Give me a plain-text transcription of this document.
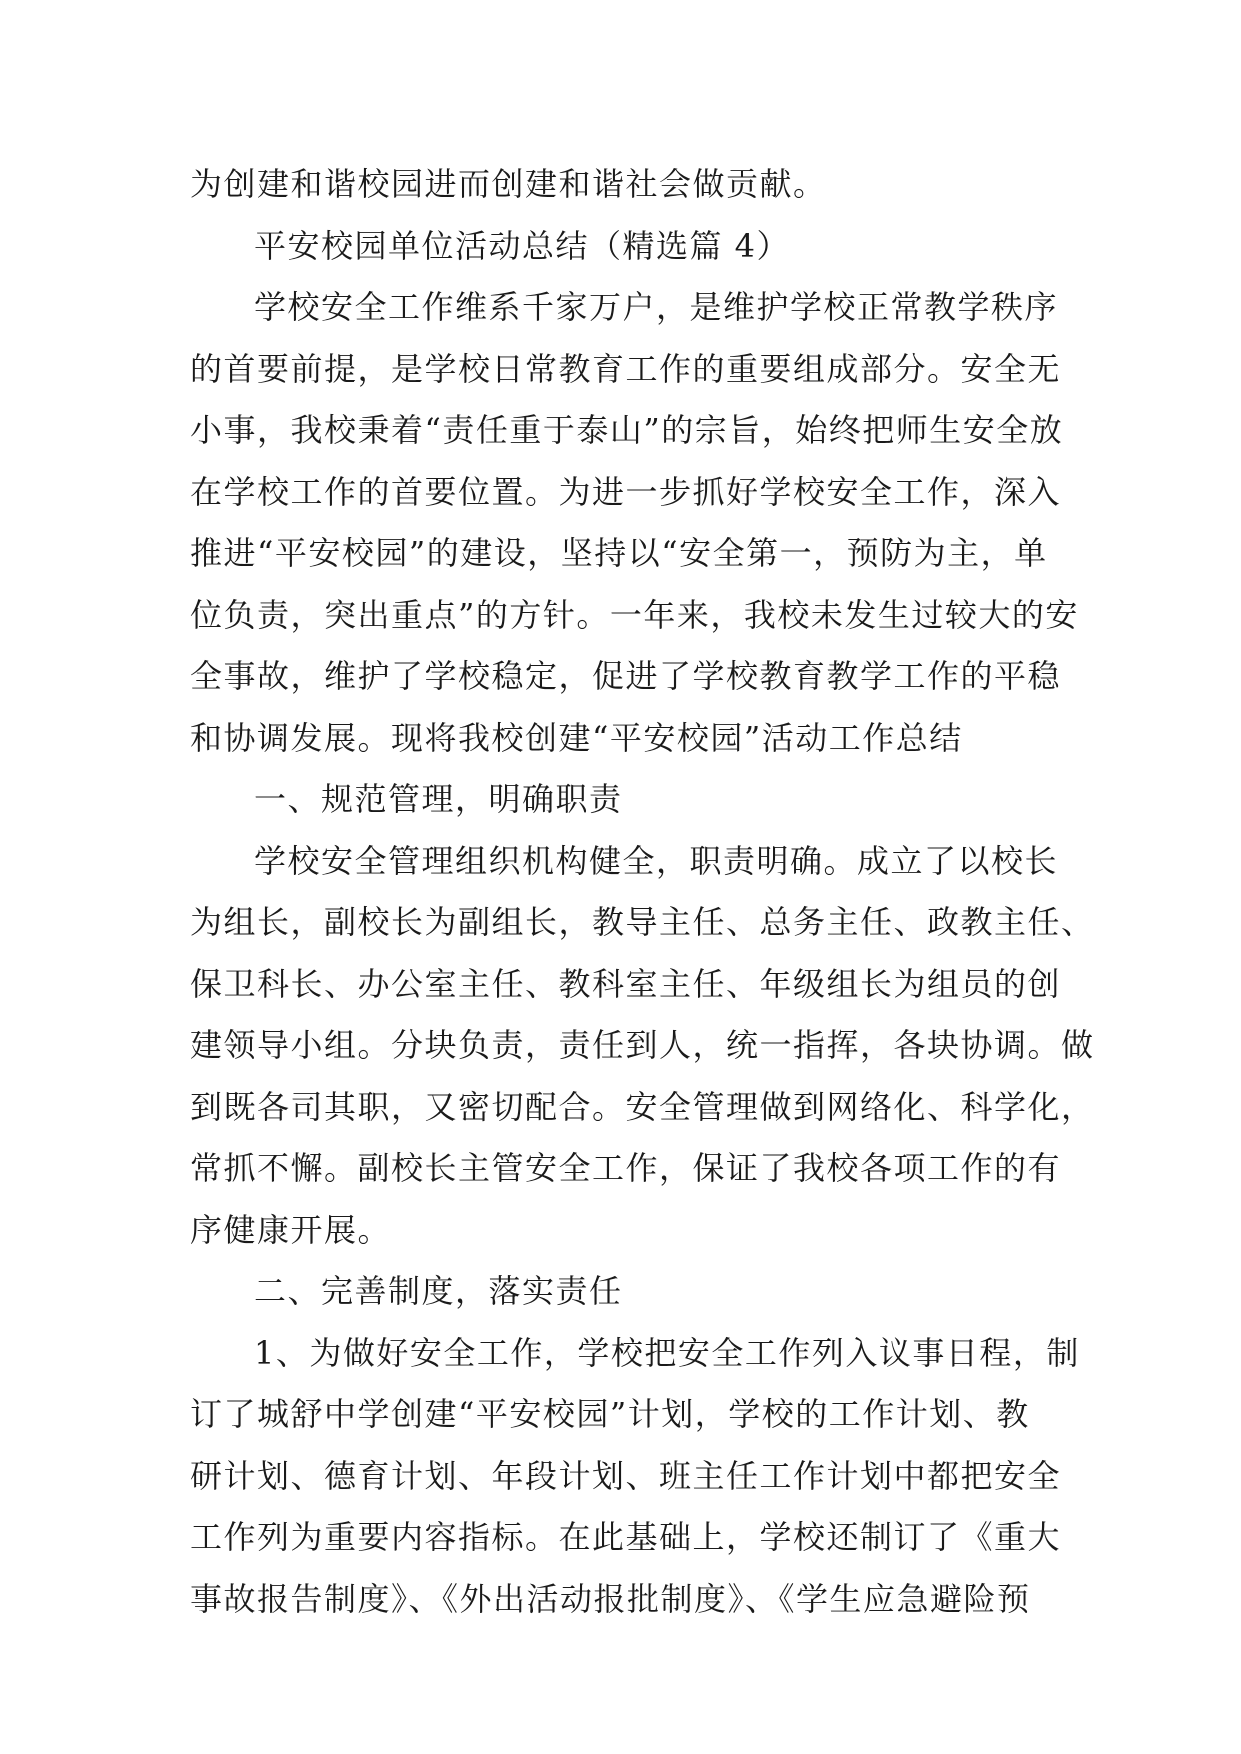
为创建和谐校园进而创建和谐社会做贡献。
平安校园单位活动总结（精选篇 4）
学校安全工作维系千家万户，是维护学校正常教学秩序
的首要前提，是学校日常教育工作的重要组成部分。安全无
小事，我校秉着“责任重于泰山”的宗旨，始终把师生安全放
在学校工作的首要位置。为进一步抓好学校安全工作，深入
推进“平安校园”的建设，坚持以“安全第一，预防为主，单
位负责，突出重点”的方针。一年来，我校未发生过较大的安
全事故，维护了学校稳定，促进了学校教育教学工作的平稳
和协调发展。现将我校创建“平安校园”活动工作总结
一、规范管理，明确职责
学校安全管理组织机构健全，职责明确。成立了以校长
为组长，副校长为副组长，教导主任、总务主任、政教主任、
保卫科长、办公室主任、教科室主任、年级组长为组员的创
建领导小组。分块负责，责任到人，统一指挥，各块协调。做
到既各司其职，又密切配合。安全管理做到网络化、科学化，
常抓不懈。副校长主管安全工作，保证了我校各项工作的有
序健康开展。
二、完善制度，落实责任
1、为做好安全工作，学校把安全工作列入议事日程，制
订了城舒中学创建“平安校园”计划，学校的工作计划、教
研计划、德育计划、年段计划、班主任工作计划中都把安全
工作列为重要内容指标。在此基础上，学校还制订了《重大
事故报告制度》、《外出活动报批制度》、《学生应急避险预
